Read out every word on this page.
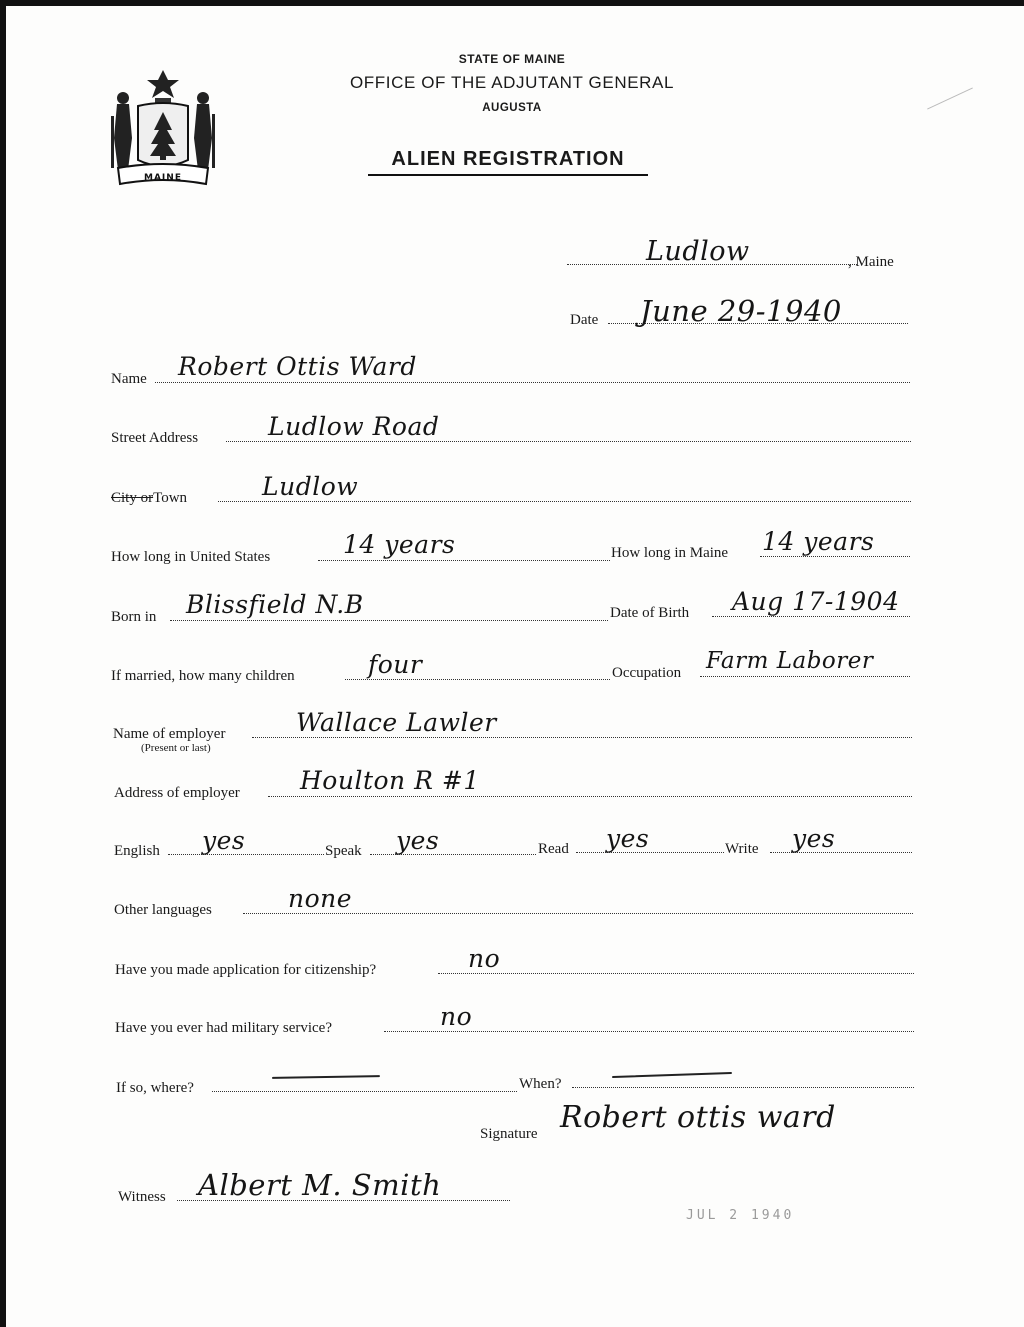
MAINE
STATE OF MAINE
OFFICE OF THE ADJUTANT GENERAL
AUGUSTA
ALIEN REGISTRATION
Ludlow	, Maine
Date June 29-1940
Name Robert Ottis Ward
Street Address	Ludlow Road
City orTown	Ludlow
How long in United States	14 years	How long in Maine 14 years
Born in Blissfield N.B	Date of Birth Aug 17-1904
If married, how many children	four	Occupation Farm Laborer
Name of employer
(Present or last)
Wallace Lawler
Address of employer Houlton R #1
English yes	Speak yes	Read yes	Write yes
Other languages	none
Have you made application for citizenship?	no
Have you ever had military service?	no
If so, where?	When?
Signature Robert ottis ward
Witness Albert M. Smith
JUL 2 1940
